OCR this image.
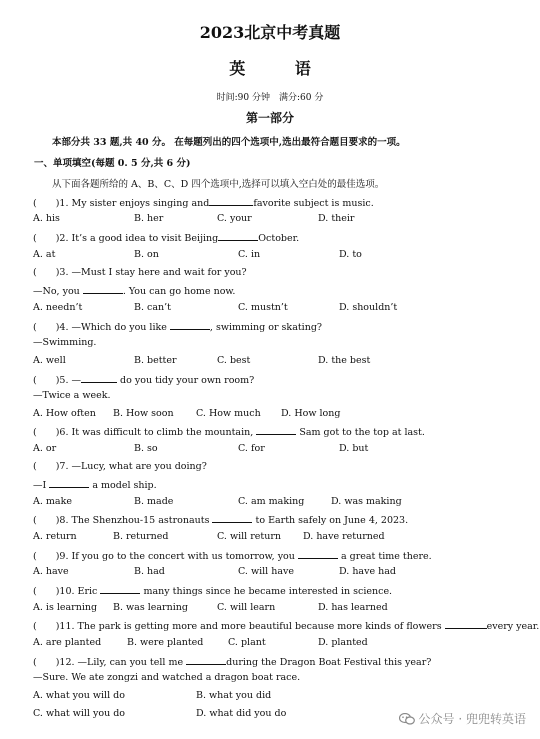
2023北京中考真题
英 语
时间:90 分钟　满分:60 分
第一部分
本部分共 33 题,共 40 分。 在每题列出的四个选项中,选出最符合题目要求的一项。
一、单项填空(每题 0. 5 分,共 6 分)
从下面各题所给的 A、B、C、D 四个选项中,选择可以填入空白处的最佳选项。
(　　)1. My sister enjoys singing and	favorite subject is music.
A. his	B. her	C. your	D. their
(　　)2. It’s a good idea to visit Beijing	October.
A. at	B. on	C. in	D. to
(　　)3. —Must I stay here and wait for you?
—No, you	. You can go home now.
A. needn’t	B. can’t	C. mustn’t	D. shouldn’t
(　　)4. —Which do you like	, swimming or skating?
—Swimming.
A. well	B. better	C. best	D. the best
(　　)5. —	do you tidy your own room?
—Twice a week.
A. How often B. How soon C. How much D. How long
(　　)6. It was difficult to climb the mountain,	Sam got to the top at last.
A. or	B. so	C. for	D. but
(　　)7. —Lucy, what are you doing?
—I	a model ship.
A. make	B. made	C. am making	D. was making
(　　)8. The Shenzhou-15 astronauts	to Earth safely on June 4, 2023.
A. return	B. returned	C. will return D. have returned
(　　)9. If you go to the concert with us tomorrow, you	a great time there.
A. have	B. had	C. will have	D. have had
(　　)10. Eric	many things since he became interested in science.
A. is learning B. was learning	C. will learn	D. has learned
(　　)11. The park is getting more and more beautiful because more kinds of flowers	every year.
A. are planted	B. were planted	C. plant	D. planted
(　　)12. —Lily, can you tell me	during the Dragon Boat Festival this year?
—Sure. We ate zongzi and watched a dragon boat race.
A. what you will do	B. what you did
C. what will you do	D. what did you do	公众号 · 兜兜转英语
